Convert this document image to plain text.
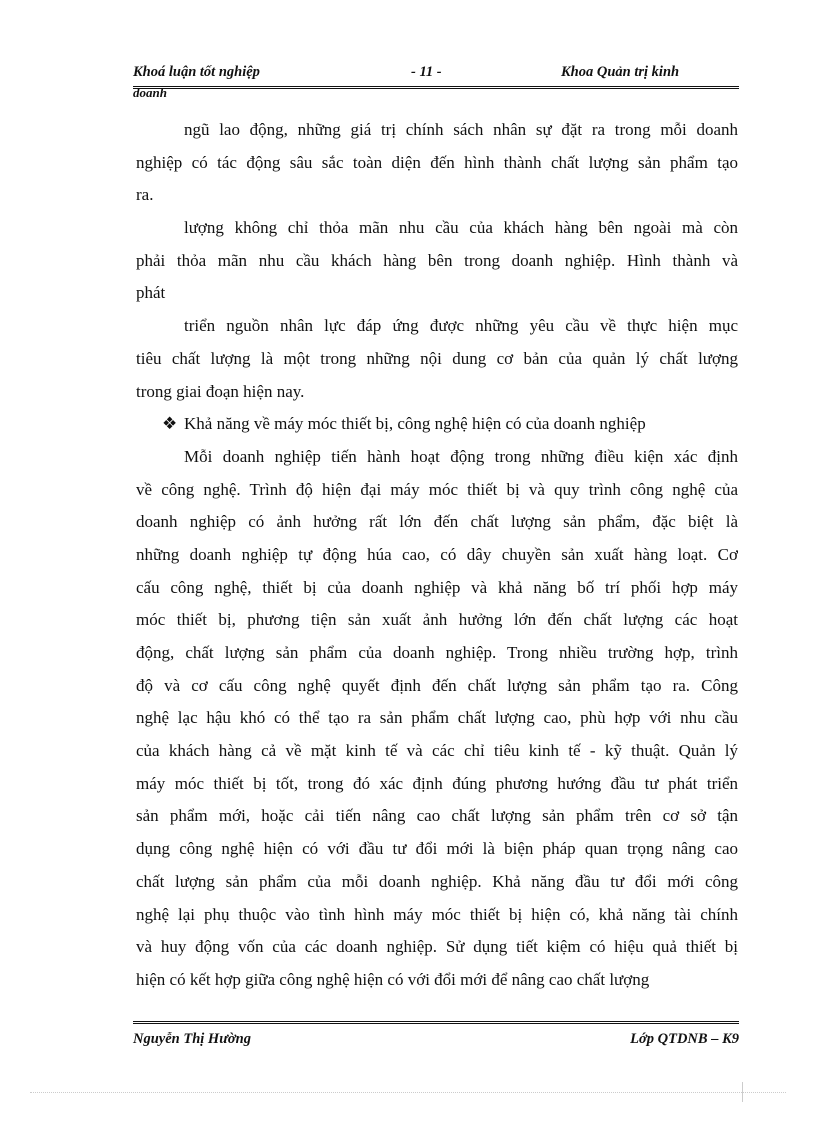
Khoá luận tốt nghiệp	- 11 -	Khoa Quản trị kinh
doanh
ngũ lao động, những giá trị chính sách nhân sự đặt ra trong mỗi doanh
nghiệp có tác động sâu sắc toàn diện đến hình thành chất lượng sản phẩm tạo
ra.
lượng không chỉ thỏa mãn nhu cầu của khách hàng bên ngoài mà còn
phải thỏa mãn nhu cầu khách hàng bên trong doanh nghiệp. Hình thành và
phát
triển nguồn nhân lực đáp ứng được những yêu cầu về thực hiện mục
tiêu chất lượng là một trong những nội dung cơ bản của quản lý chất lượng
trong giai đoạn hiện nay.
❖ Khả năng về máy móc thiết bị, công nghệ hiện có của doanh nghiệp
Mỗi doanh nghiệp tiến hành hoạt động trong những điều kiện xác định
về công nghệ. Trình độ hiện đại máy móc thiết bị và quy trình công nghệ của
doanh nghiệp có ảnh hưởng rất lớn đến chất lượng sản phẩm, đặc biệt là
những doanh nghiệp tự động húa cao, có dây chuyền sản xuất hàng loạt. Cơ
cấu công nghệ, thiết bị của doanh nghiệp và khả năng bố trí phối hợp máy
móc thiết bị, phương tiện sản xuất ảnh hưởng lớn đến chất lượng các hoạt
động, chất lượng sản phẩm của doanh nghiệp. Trong nhiều trường hợp, trình
độ và cơ cấu công nghệ quyết định đến chất lượng sản phẩm tạo ra. Công
nghệ lạc hậu khó có thể tạo ra sản phẩm chất lượng cao, phù hợp với nhu cầu
của khách hàng cả về mặt kinh tế và các chỉ tiêu kinh tế - kỹ thuật. Quản lý
máy móc thiết bị tốt, trong đó xác định đúng phương hướng đầu tư phát triển
sản phẩm mới, hoặc cải tiến nâng cao chất lượng sản phẩm trên cơ sở tận
dụng công nghệ hiện có với đầu tư đổi mới là biện pháp quan trọng nâng cao
chất lượng sản phẩm của mỗi doanh nghiệp. Khả năng đầu tư đổi mới công
nghệ lại phụ thuộc vào tình hình máy móc thiết bị hiện có, khả năng tài chính
và huy động vốn của các doanh nghiệp. Sử dụng tiết kiệm có hiệu quả thiết bị
hiện có kết hợp giữa công nghệ hiện có với đổi mới để nâng cao chất lượng
Nguyễn Thị Hường	Lớp QTDNB – K9
